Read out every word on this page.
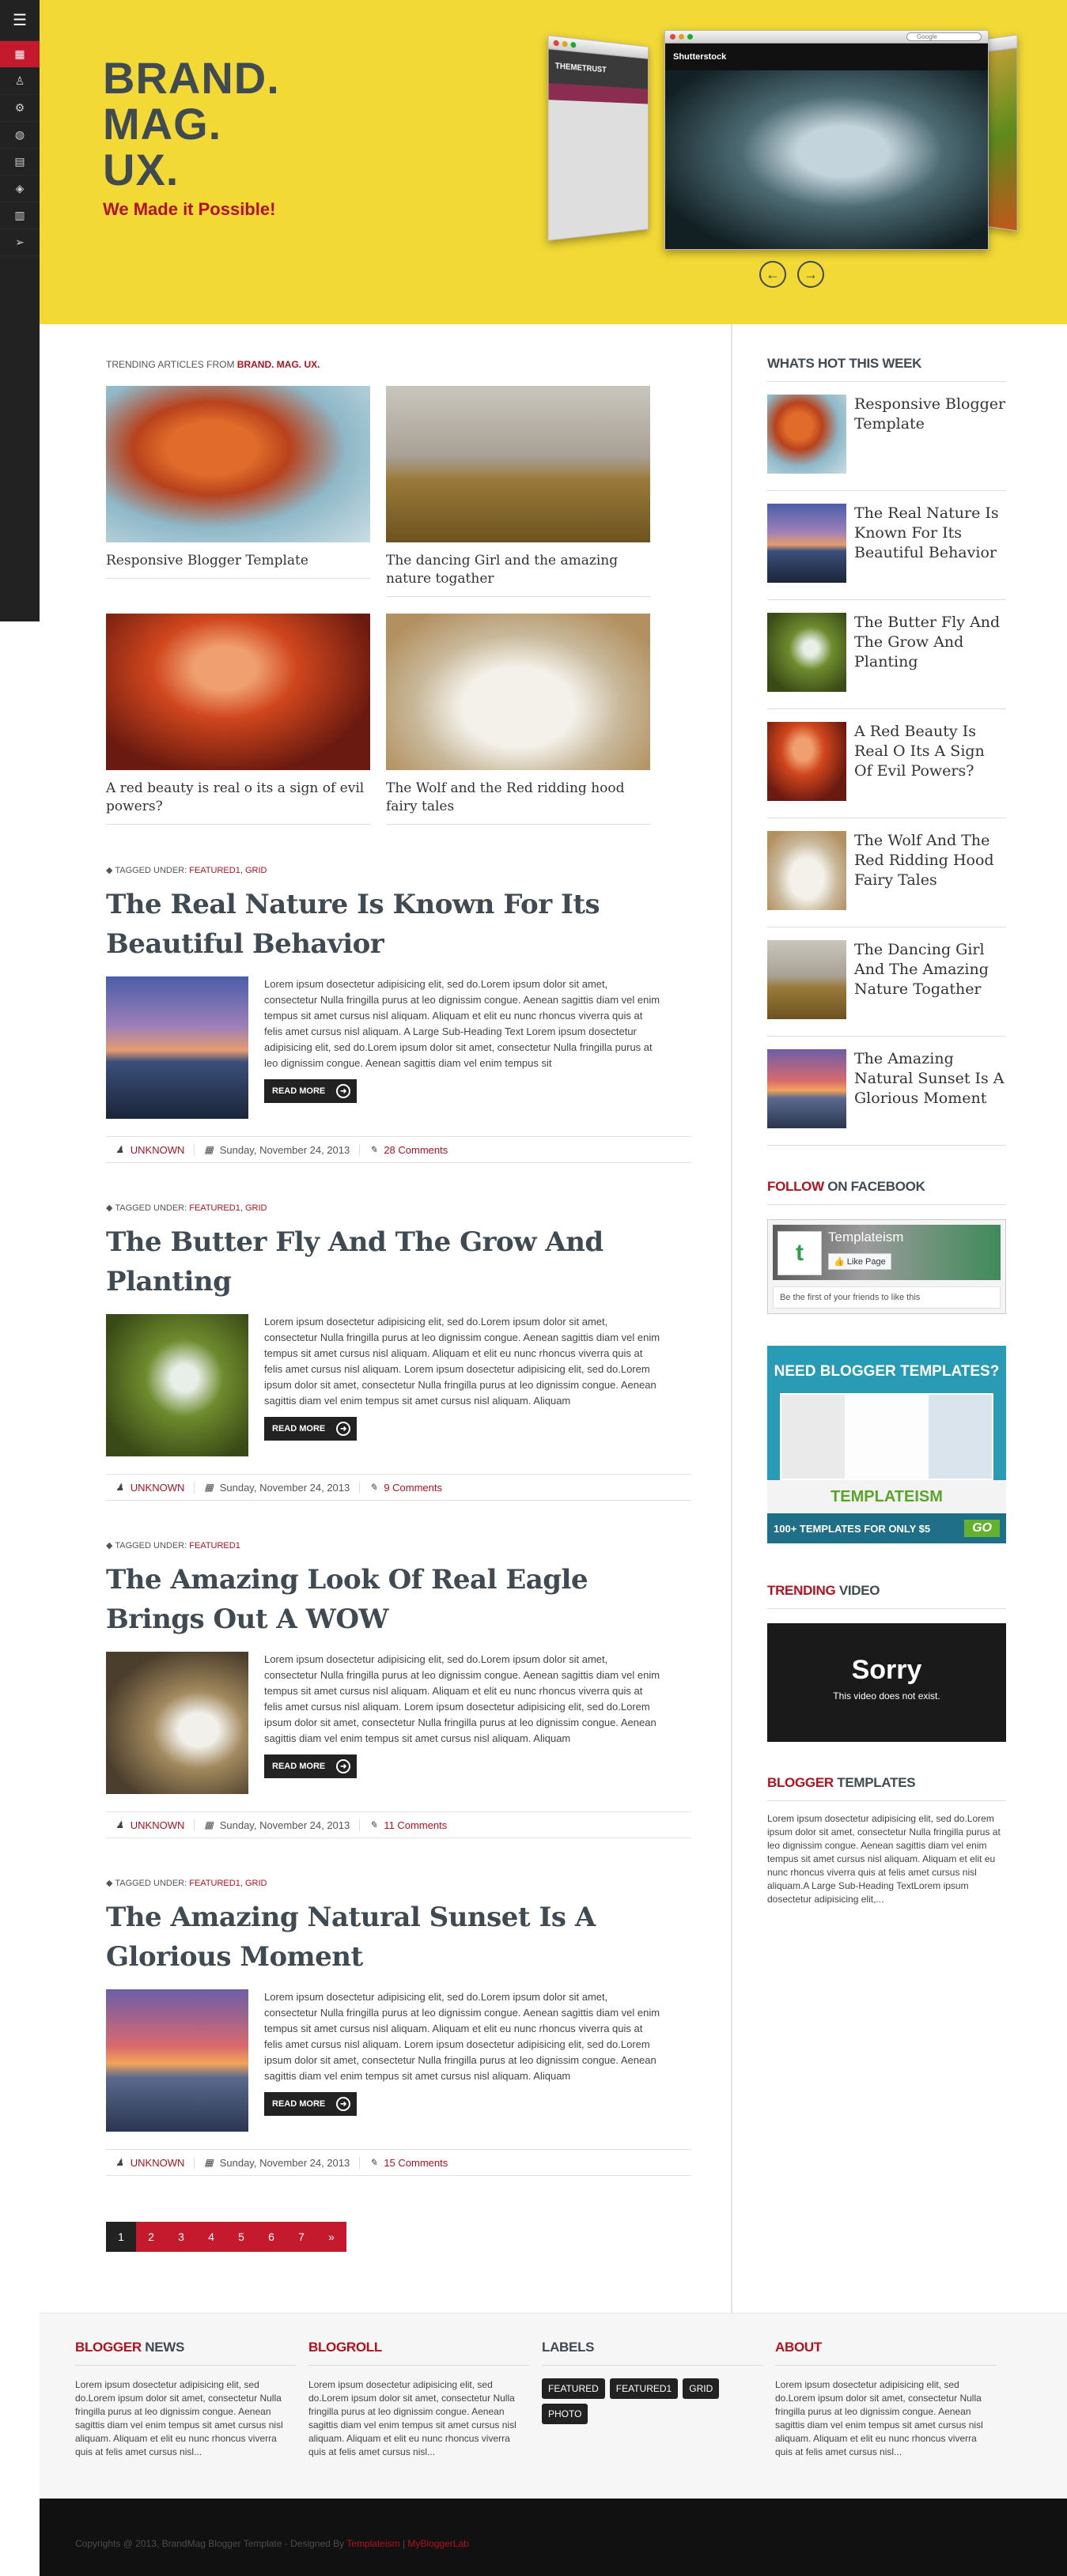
☰
▦
♙
⚙
◍
▤
◈
▥
➢
BRAND.
MAG.
UX.
We Made it Possible!
THEMETRUST
Google
Shutterstock
← →
TRENDING ARTICLES FROM BRAND. MAG. UX.
Responsive Blogger Template	The dancing Girl and the amazing nature togather
A red beauty is real o its a sign of evil powers?
The Wolf and the Red ridding hood fairy tales
◆ TAGGED UNDER: FEATURED1, GRID
The Real Nature Is Known For Its Beautiful Behavior

Lorem ipsum dosectetur adipisicing elit, sed do.Lorem ipsum dolor sit amet, consectetur Nulla fringilla purus at leo dignissim congue. Aenean sagittis diam vel enim tempus sit amet cursus nisl aliquam. Aliquam et elit eu nunc rhoncus viverra quis at felis amet cursus nisl aliquam. A Large Sub-Heading Text Lorem ipsum dosectetur adipisicing elit, sed do.Lorem ipsum dolor sit amet, consectetur Nulla fringilla purus at leo dignissim congue. Aenean sagittis diam vel enim tempus sit

READ MORE	➜
♟ UNKNOWN ▦ Sunday, November 24, 2013 ✎ 28 Comments
◆ TAGGED UNDER: FEATURED1, GRID
The Butter Fly And The Grow And Planting

Lorem ipsum dosectetur adipisicing elit, sed do.Lorem ipsum dolor sit amet, consectetur Nulla fringilla purus at leo dignissim congue. Aenean sagittis diam vel enim tempus sit amet cursus nisl aliquam. Aliquam et elit eu nunc rhoncus viverra quis at felis amet cursus nisl aliquam. Lorem ipsum dosectetur adipisicing elit, sed do.Lorem ipsum dolor sit amet, consectetur Nulla fringilla purus at leo dignissim congue. Aenean sagittis diam vel enim tempus sit amet cursus nisl aliquam. Aliquam

READ MORE	➜
♟ UNKNOWN ▦ Sunday, November 24, 2013 ✎ 9 Comments
◆ TAGGED UNDER: FEATURED1
The Amazing Look Of Real Eagle Brings Out A WOW

Lorem ipsum dosectetur adipisicing elit, sed do.Lorem ipsum dolor sit amet, consectetur Nulla fringilla purus at leo dignissim congue. Aenean sagittis diam vel enim tempus sit amet cursus nisl aliquam. Aliquam et elit eu nunc rhoncus viverra quis at felis amet cursus nisl aliquam. Lorem ipsum dosectetur adipisicing elit, sed do.Lorem ipsum dolor sit amet, consectetur Nulla fringilla purus at leo dignissim congue. Aenean sagittis diam vel enim tempus sit amet cursus nisl aliquam. Aliquam

READ MORE	➜
♟ UNKNOWN ▦ Sunday, November 24, 2013 ✎ 11 Comments
◆ TAGGED UNDER: FEATURED1, GRID
The Amazing Natural Sunset Is A Glorious Moment

Lorem ipsum dosectetur adipisicing elit, sed do.Lorem ipsum dolor sit amet, consectetur Nulla fringilla purus at leo dignissim congue. Aenean sagittis diam vel enim tempus sit amet cursus nisl aliquam. Aliquam et elit eu nunc rhoncus viverra quis at felis amet cursus nisl aliquam. Lorem ipsum dosectetur adipisicing elit, sed do.Lorem ipsum dolor sit amet, consectetur Nulla fringilla purus at leo dignissim congue. Aenean sagittis diam vel enim tempus sit amet cursus nisl aliquam. Aliquam

READ MORE	➜
♟ UNKNOWN ▦ Sunday, November 24, 2013 ✎ 15 Comments
1	2	3	4	5	6	7	»
WHATS HOT THIS WEEK
Responsive Blogger Template
The Real Nature Is Known For Its Beautiful Behavior
The Butter Fly And The Grow And Planting
A Red Beauty Is Real O Its A Sign Of Evil Powers?
The Wolf And The Red Ridding Hood Fairy Tales
The Dancing Girl And The Amazing Nature Togather
The Amazing Natural Sunset Is A Glorious Moment
FOLLOW ON FACEBOOK
t
Templateism
👍 Like Page
Be the first of your friends to like this
NEED BLOGGER TEMPLATES?
TEMPLATEISM
100+ TEMPLATES FOR ONLY $5	GO
TRENDING VIDEO
Sorry
This video does not exist.
BLOGGER TEMPLATES

Lorem ipsum dosectetur adipisicing elit, sed do.Lorem ipsum dolor sit amet, consectetur Nulla fringilla purus at leo dignissim congue. Aenean sagittis diam vel enim tempus sit amet cursus nisl aliquam. Aliquam et elit eu nunc rhoncus viverra quis at felis amet cursus nisl aliquam.A Large Sub-Heading TextLorem ipsum dosectetur adipisicing elit,...

BLOGGER NEWS

Lorem ipsum dosectetur adipisicing elit, sed do.Lorem ipsum dolor sit amet, consectetur Nulla fringilla purus at leo dignissim congue. Aenean sagittis diam vel enim tempus sit amet cursus nisl aliquam. Aliquam et elit eu nunc rhoncus viverra quis at felis amet cursus nisl...

BLOGROLL

Lorem ipsum dosectetur adipisicing elit, sed do.Lorem ipsum dolor sit amet, consectetur Nulla fringilla purus at leo dignissim congue. Aenean sagittis diam vel enim tempus sit amet cursus nisl aliquam. Aliquam et elit eu nunc rhoncus viverra quis at felis amet cursus nisl...

LABELS
FEATURED	FEATURED1	GRID
PHOTO
ABOUT

Lorem ipsum dosectetur adipisicing elit, sed do.Lorem ipsum dolor sit amet, consectetur Nulla fringilla purus at leo dignissim congue. Aenean sagittis diam vel enim tempus sit amet cursus nisl aliquam. Aliquam et elit eu nunc rhoncus viverra quis at felis amet cursus nisl...

Copyrights @ 2013, BrandMag Blogger Template - Designed By Templateism | MyBloggerLab
